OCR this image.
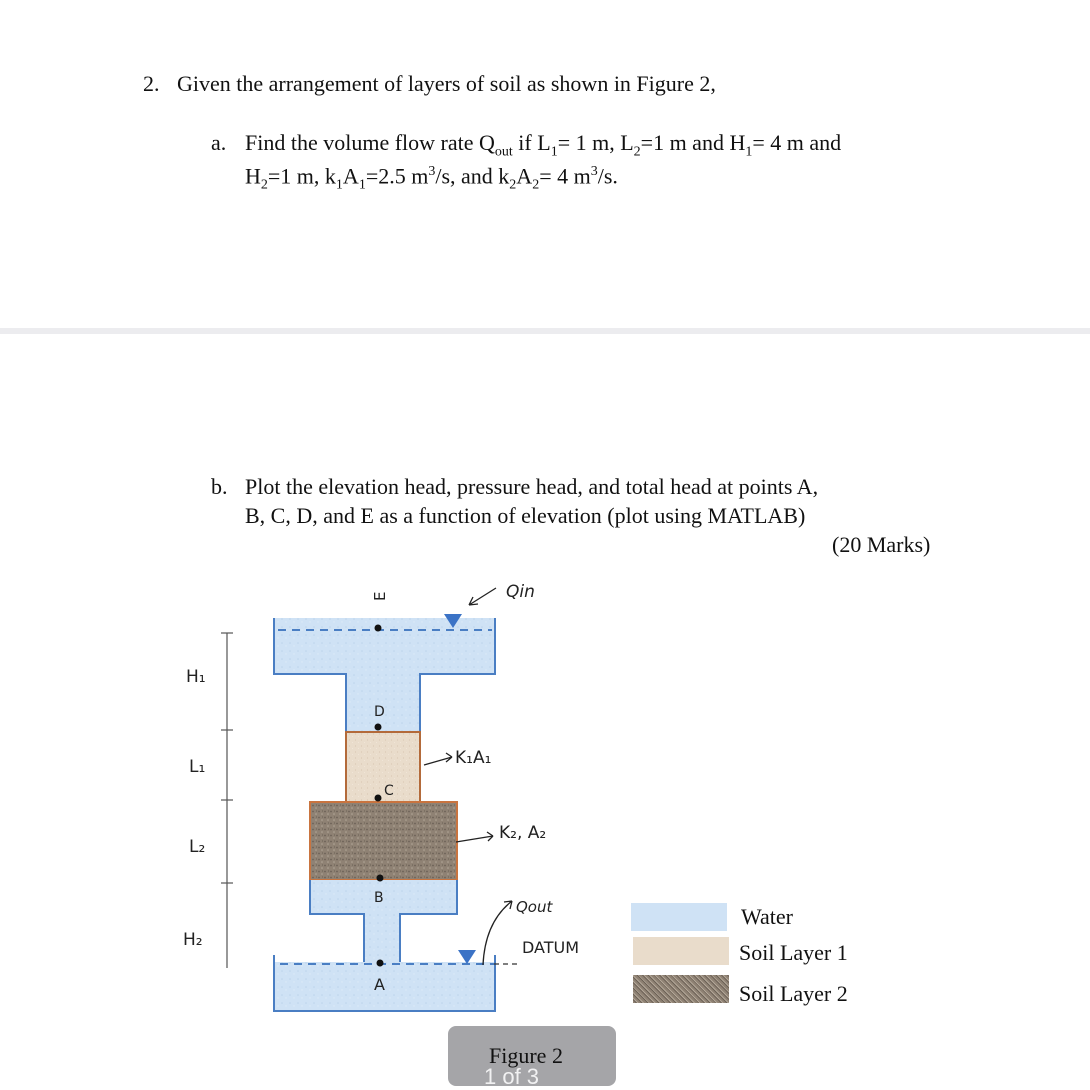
2. Given the arrangement of layers of soil as shown in Figure 2,
a. Find the volume flow rate $Q_{out}$ if $L_1= 1$ m, $L_2=1$ m and $H_1= 4$ m and
$H_2=1$ m, $k_1A_1=2.5$ $m^3/s$, and $k_2A_2= 4$ $m^3/s$.
b. Plot the elevation head, pressure head, and total head at points A,
B, C, D, and E as a function of elevation (plot using MATLAB)
(20 Marks)
H₁
L₁
L₂
H₂
E
D
C
B
A
Qin
K₁A₁
K₂, A₂
Qout
DATUM
Water
Soil Layer 1
Soil Layer 2
Figure 2
1 of 3
